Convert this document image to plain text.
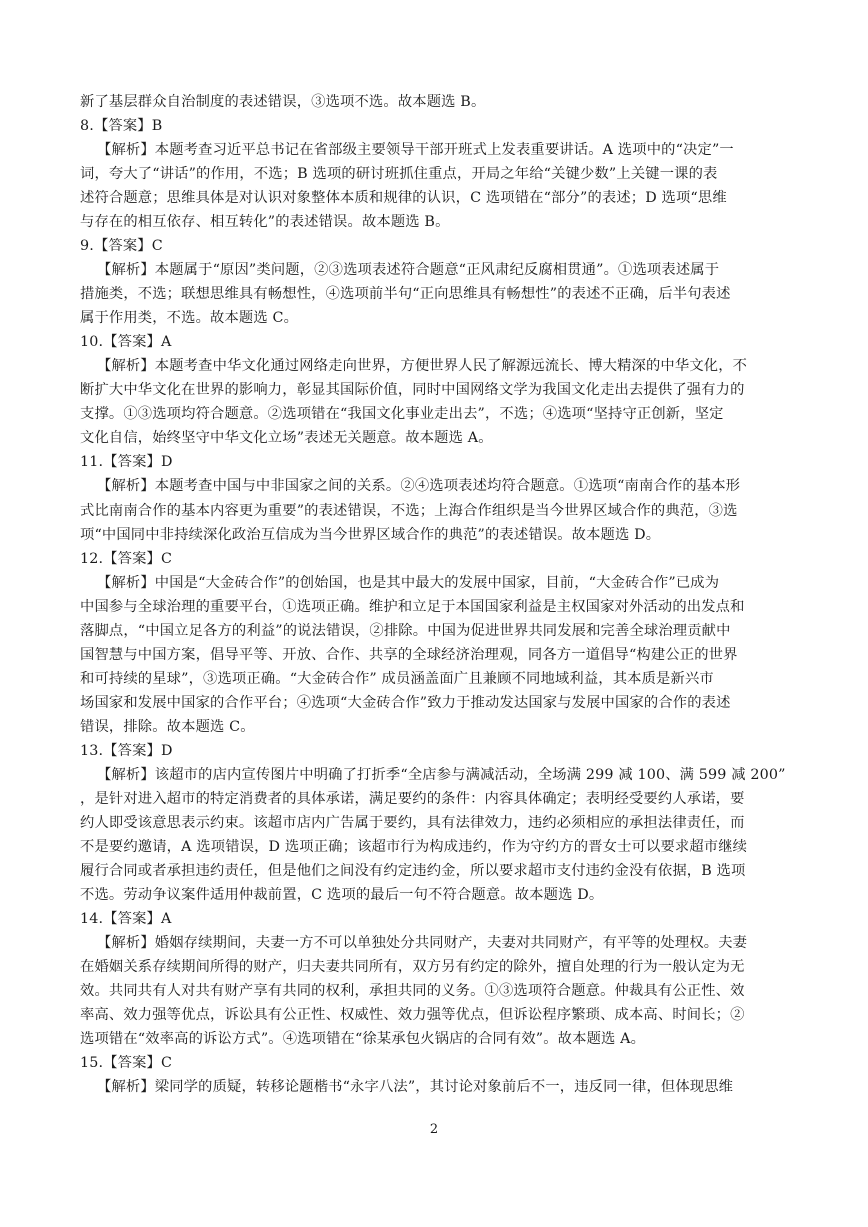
新了基层群众自治制度的表述错误，③选项不选。故本题选 B。
8.【答案】B
【解析】本题考查习近平总书记在省部级主要领导干部开班式上发表重要讲话。A 选项中的“决定”一
词，夸大了“讲话”的作用，不选；B 选项的研讨班抓住重点，开局之年给“关键少数”上关键一课的表
述符合题意；思维具体是对认识对象整体本质和规律的认识，C 选项错在“部分”的表述；D 选项“思维
与存在的相互依存、相互转化”的表述错误。故本题选 B。
9.【答案】C
【解析】本题属于“原因”类问题，②③选项表述符合题意“正风肃纪反腐相贯通”。①选项表述属于
措施类，不选；联想思维具有畅想性，④选项前半句“正向思维具有畅想性”的表述不正确，后半句表述
属于作用类，不选。故本题选 C。
10.【答案】A
【解析】本题考查中华文化通过网络走向世界，方便世界人民了解源远流长、博大精深的中华文化，不
断扩大中华文化在世界的影响力，彰显其国际价值，同时中国网络文学为我国文化走出去提供了强有力的
支撑。①③选项均符合题意。②选项错在“我国文化事业走出去”，不选；④选项“坚持守正创新，坚定
文化自信，始终坚守中华文化立场”表述无关题意。故本题选 A。
11.【答案】D
【解析】本题考查中国与中非国家之间的关系。②④选项表述均符合题意。①选项“南南合作的基本形
式比南南合作的基本内容更为重要”的表述错误，不选；上海合作组织是当今世界区域合作的典范，③选
项“中国同中非持续深化政治互信成为当今世界区域合作的典范”的表述错误。故本题选 D。
12.【答案】C
【解析】中国是“大金砖合作”的创始国，也是其中最大的发展中国家，目前，“大金砖合作”已成为
中国参与全球治理的重要平台，①选项正确。维护和立足于本国国家利益是主权国家对外活动的出发点和
落脚点，“中国立足各方的利益”的说法错误，②排除。中国为促进世界共同发展和完善全球治理贡献中
国智慧与中国方案，倡导平等、开放、合作、共享的全球经济治理观，同各方一道倡导“构建公正的世界
和可持续的星球”，③选项正确。“大金砖合作” 成员涵盖面广且兼顾不同地域利益，其本质是新兴市
场国家和发展中国家的合作平台；④选项“大金砖合作”致力于推动发达国家与发展中国家的合作的表述
错误，排除。故本题选 C。
13.【答案】D
【解析】该超市的店内宣传图片中明确了打折季“全店参与满减活动，全场满 299 减 100、满 599 减 200”
，是针对进入超市的特定消费者的具体承诺，满足要约的条件：内容具体确定；表明经受要约人承诺，要
约人即受该意思表示约束。该超市店内广告属于要约，具有法律效力，违约必须相应的承担法律责任，而
不是要约邀请，A 选项错误，D 选项正确；该超市行为构成违约，作为守约方的晋女士可以要求超市继续
履行合同或者承担违约责任，但是他们之间没有约定违约金，所以要求超市支付违约金没有依据，B 选项
不选。劳动争议案件适用仲裁前置，C 选项的最后一句不符合题意。故本题选 D。
14.【答案】A
【解析】婚姻存续期间，夫妻一方不可以单独处分共同财产，夫妻对共同财产，有平等的处理权。夫妻
在婚姻关系存续期间所得的财产，归夫妻共同所有，双方另有约定的除外，擅自处理的行为一般认定为无
效。共同共有人对共有财产享有共同的权利，承担共同的义务。①③选项符合题意。仲裁具有公正性、效
率高、效力强等优点，诉讼具有公正性、权威性、效力强等优点，但诉讼程序繁琐、成本高、时间长；②
选项错在“效率高的诉讼方式”。④选项错在“徐某承包火锅店的合同有效”。故本题选 A。
15.【答案】C
【解析】梁同学的质疑，转移论题楷书“永字八法”，其讨论对象前后不一，违反同一律，但体现思维
2
